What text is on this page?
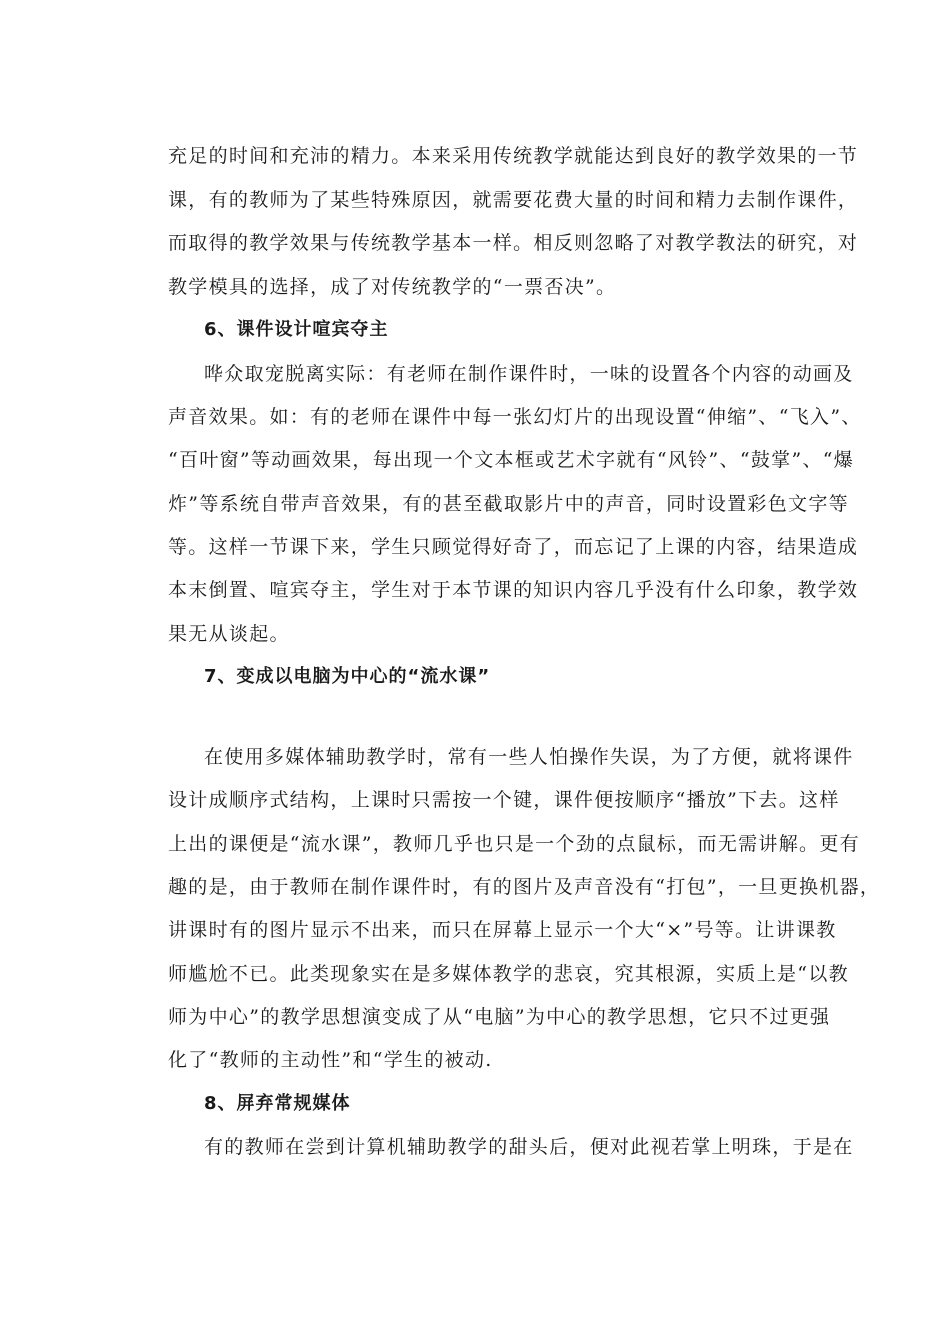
充足的时间和充沛的精力。本来采用传统教学就能达到良好的教学效果的一节
课，有的教师为了某些特殊原因，就需要花费大量的时间和精力去制作课件，
而取得的教学效果与传统教学基本一样。相反则忽略了对教学教法的研究，对
教学模具的选择，成了对传统教学的“一票否决”。
6、课件设计喧宾夺主
哗众取宠脱离实际：有老师在制作课件时，一味的设置各个内容的动画及
声音效果。如：有的老师在课件中每一张幻灯片的出现设置“伸缩”、“飞入”、
“百叶窗”等动画效果，每出现一个文本框或艺术字就有“风铃”、“鼓掌”、“爆
炸”等系统自带声音效果，有的甚至截取影片中的声音，同时设置彩色文字等
等。这样一节课下来，学生只顾觉得好奇了，而忘记了上课的内容，结果造成
本末倒置、喧宾夺主，学生对于本节课的知识内容几乎没有什么印象，教学效
果无从谈起。
7、变成以电脑为中心的“流水课”
在使用多媒体辅助教学时，常有一些人怕操作失误，为了方便，就将课件
设计成顺序式结构，上课时只需按一个键，课件便按顺序“播放”下去。这样
上出的课便是“流水课”，教师几乎也只是一个劲的点鼠标，而无需讲解。更有
趣的是，由于教师在制作课件时，有的图片及声音没有“打包”，一旦更换机器，
讲课时有的图片显示不出来，而只在屏幕上显示一个大“×”号等。让讲课教
师尴尬不已。此类现象实在是多媒体教学的悲哀，究其根源，实质上是“以教
师为中心”的教学思想演变成了从“电脑”为中心的教学思想，它只不过更强
化了“教师的主动性”和“学生的被动.
8、屏弃常规媒体
有的教师在尝到计算机辅助教学的甜头后，便对此视若掌上明珠，于是在
